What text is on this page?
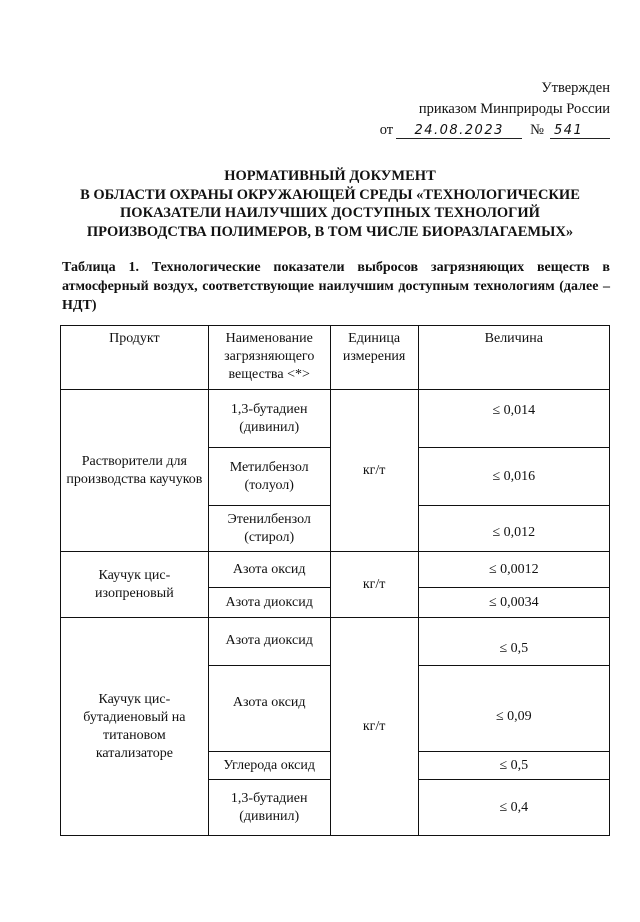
Утвержден
приказом Минприроды России
от	24.08.2023	№ 541
НОРМАТИВНЫЙ ДОКУМЕНТ
В ОБЛАСТИ ОХРАНЫ ОКРУЖАЮЩЕЙ СРЕДЫ «ТЕХНОЛОГИЧЕСКИЕ
ПОКАЗАТЕЛИ НАИЛУЧШИХ ДОСТУПНЫХ ТЕХНОЛОГИЙ
ПРОИЗВОДСТВА ПОЛИМЕРОВ, В ТОМ ЧИСЛЕ БИОРАЗЛАГАЕМЫХ»

Таблица 1. Технологические показатели выбросов загрязняющих веществ в атмосферный воздух, соответствующие наилучшим доступным технологиям (далее – НДТ)

Продукт	Наименование загрязняющего вещества <*>	Единица измерения	Величина
Растворители для производства каучуков	1,3-бутадиен (дивинил)	кг/т	≤ 0,014
	Метилбензол (толуол)		≤ 0,016
	Этенилбензол (стирол)		≤ 0,012
Каучук цис-изопреновый	Азота оксид	кг/т	≤ 0,0012
	Азота диоксид		≤ 0,0034
Каучук цис-бутадиеновый на титановом катализаторе	Азота диоксид	кг/т	≤ 0,5
	Азота оксид		≤ 0,09
	Углерода оксид		≤ 0,5
	1,3-бутадиен (дивинил)		≤ 0,4
